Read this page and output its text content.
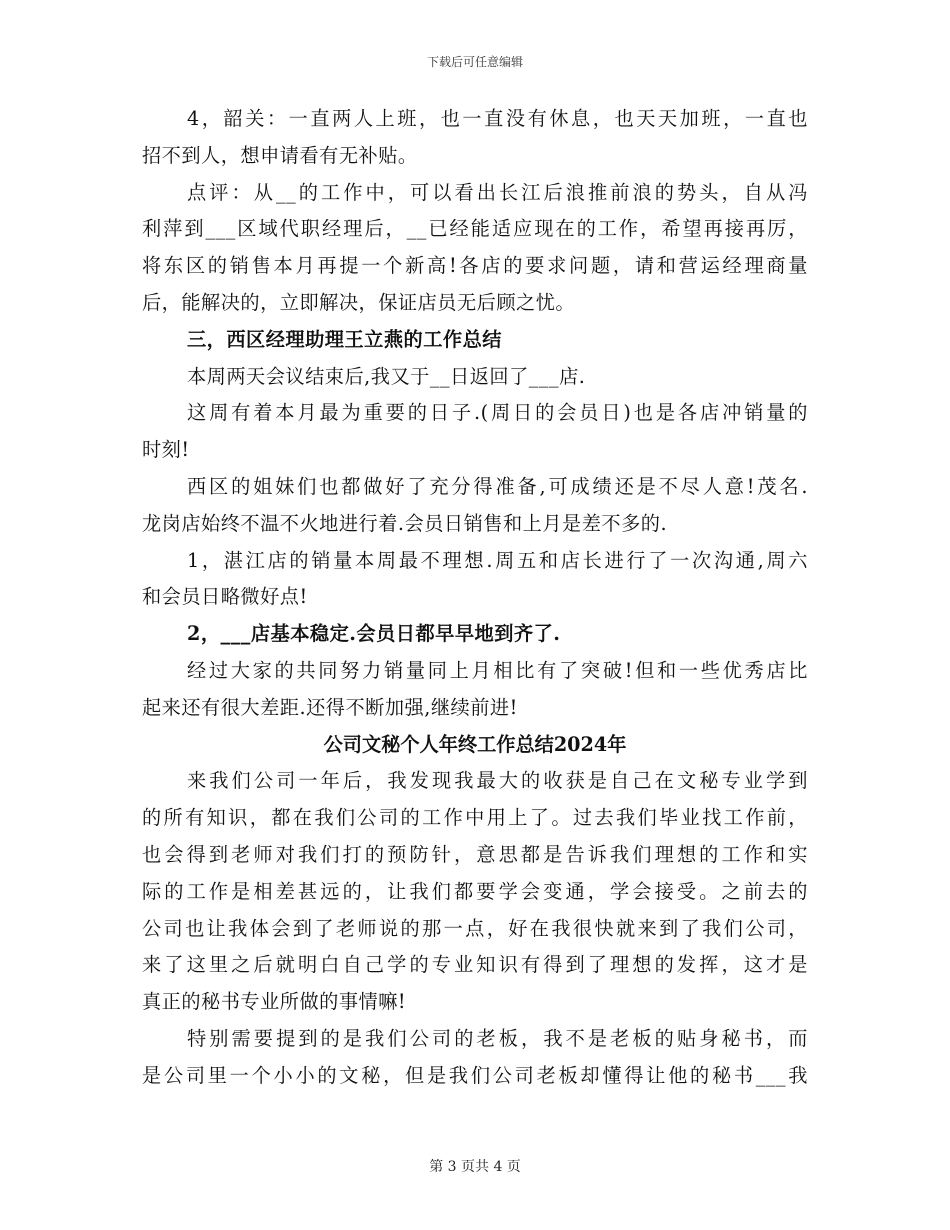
下载后可任意编辑
4，韶关：一直两人上班，也一直没有休息，也天天加班，一直也
招不到人，想申请看有无补贴。
点评：从__的工作中，可以看出长江后浪推前浪的势头，自从冯
利萍到___区域代职经理后，__已经能适应现在的工作，希望再接再厉，
将东区的销售本月再提一个新高!各店的要求问题，请和营运经理商量
后，能解决的，立即解决，保证店员无后顾之忧。
三，西区经理助理王立燕的工作总结
本周两天会议结束后,我又于__日返回了___店.
这周有着本月最为重要的日子.(周日的会员日)也是各店冲销量的
时刻!
西区的姐妹们也都做好了充分得准备,可成绩还是不尽人意!茂名.
龙岗店始终不温不火地进行着.会员日销售和上月是差不多的.
1，湛江店的销量本周最不理想.周五和店长进行了一次沟通,周六
和会员日略微好点!
2，___店基本稳定.会员日都早早地到齐了.
经过大家的共同努力销量同上月相比有了突破!但和一些优秀店比
起来还有很大差距.还得不断加强,继续前进!
公司文秘个人年终工作总结2024年
来我们公司一年后，我发现我最大的收获是自己在文秘专业学到
的所有知识，都在我们公司的工作中用上了。过去我们毕业找工作前，
也会得到老师对我们打的预防针，意思都是告诉我们理想的工作和实
际的工作是相差甚远的，让我们都要学会变通，学会接受。之前去的
公司也让我体会到了老师说的那一点，好在我很快就来到了我们公司，
来了这里之后就明白自己学的专业知识有得到了理想的发挥，这才是
真正的秘书专业所做的事情嘛!
特别需要提到的是我们公司的老板，我不是老板的贴身秘书，而
是公司里一个小小的文秘，但是我们公司老板却懂得让他的秘书___我
第 3 页共 4 页
